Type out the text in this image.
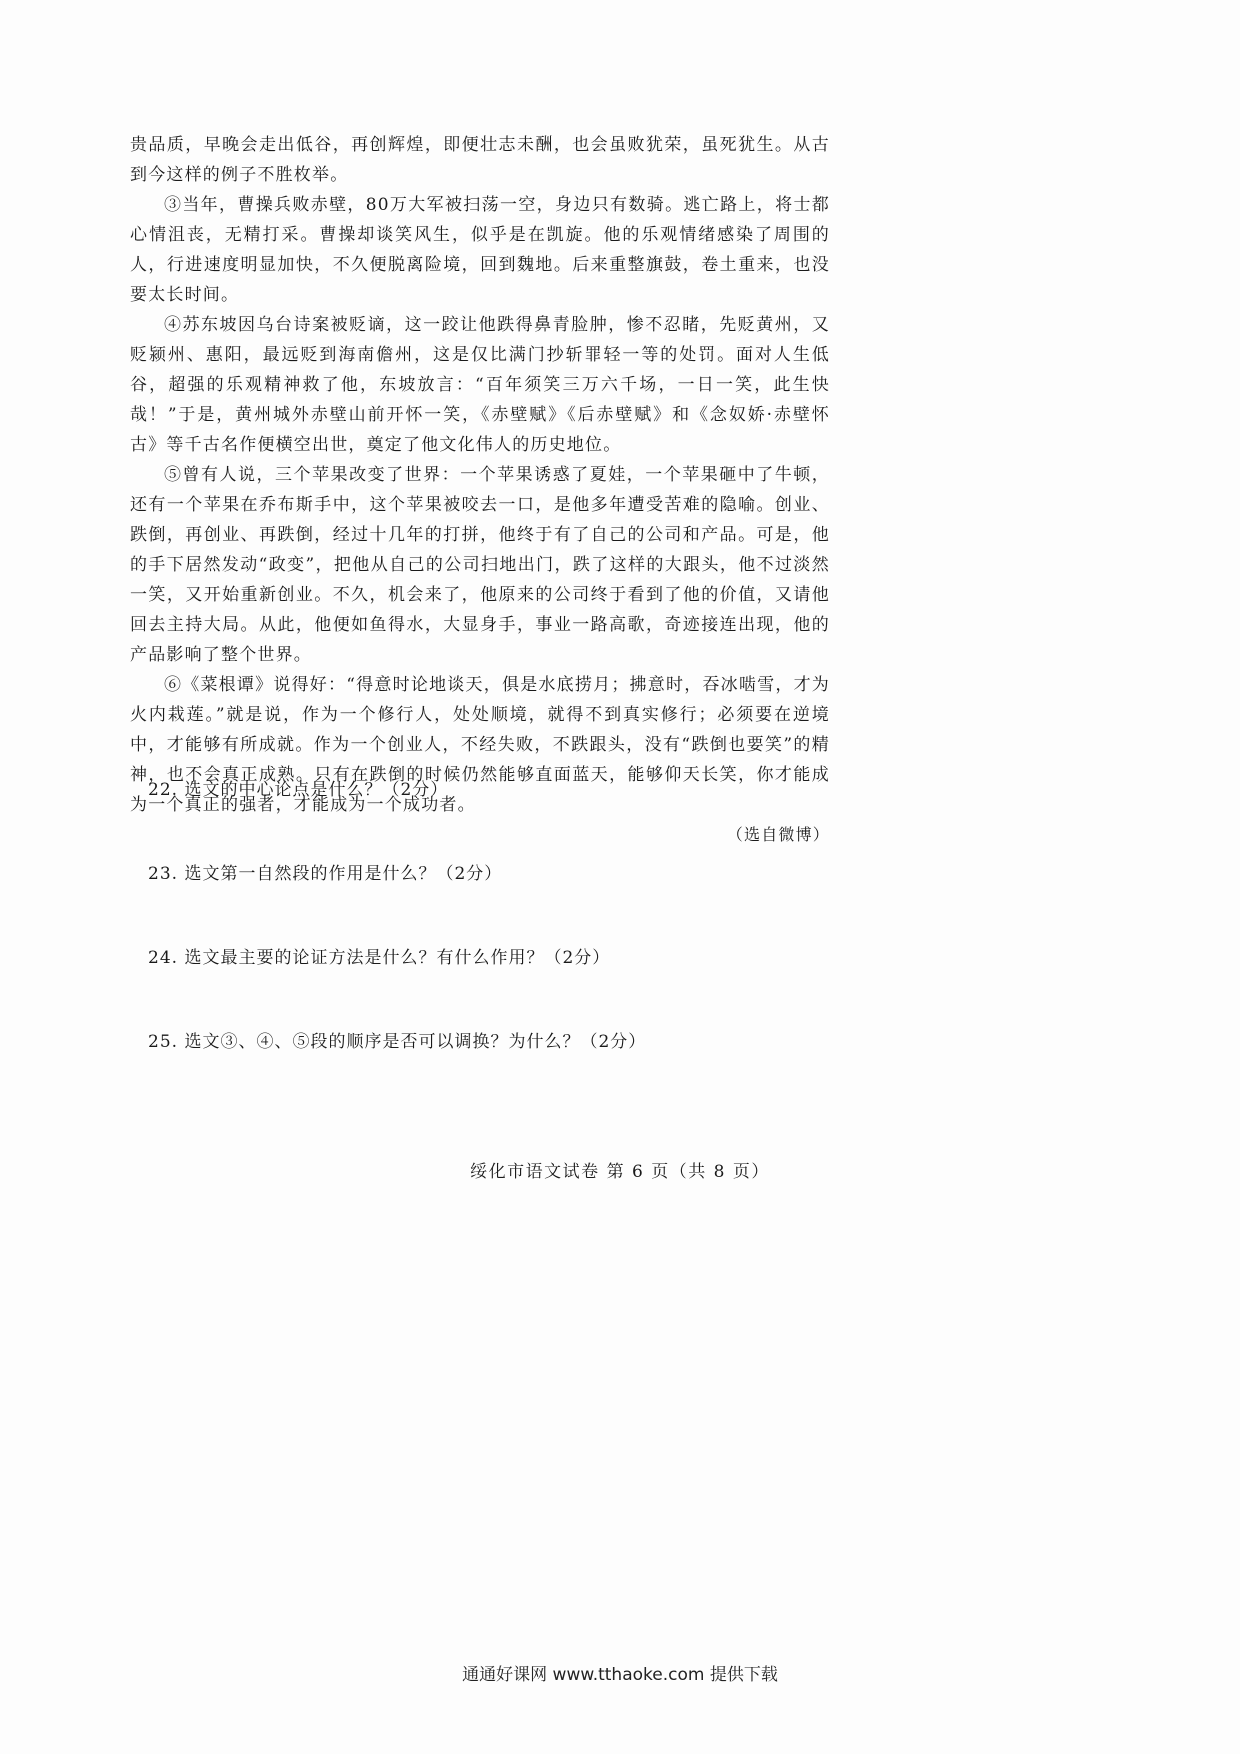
贵品质，早晚会走出低谷，再创辉煌，即便壮志未酬，也会虽败犹荣，虽死犹生。从古到今这样的例子不胜枚举。

③当年，曹操兵败赤壁，80万大军被扫荡一空，身边只有数骑。逃亡路上，将士都心情沮丧，无精打采。曹操却谈笑风生，似乎是在凯旋。他的乐观情绪感染了周围的人，行进速度明显加快，不久便脱离险境，回到魏地。后来重整旗鼓，卷土重来，也没要太长时间。

④苏东坡因乌台诗案被贬谪，这一跤让他跌得鼻青脸肿，惨不忍睹，先贬黄州，又贬颍州、惠阳，最远贬到海南儋州，这是仅比满门抄斩罪轻一等的处罚。面对人生低谷，超强的乐观精神救了他，东坡放言：“百年须笑三万六千场，一日一笑，此生快哉！”于是，黄州城外赤壁山前开怀一笑，《赤壁赋》《后赤壁赋》和《念奴娇·赤壁怀古》等千古名作便横空出世，奠定了他文化伟人的历史地位。

⑤曾有人说，三个苹果改变了世界：一个苹果诱惑了夏娃，一个苹果砸中了牛顿，还有一个苹果在乔布斯手中，这个苹果被咬去一口，是他多年遭受苦难的隐喻。创业、跌倒，再创业、再跌倒，经过十几年的打拼，他终于有了自己的公司和产品。可是，他的手下居然发动“政变”，把他从自己的公司扫地出门，跌了这样的大跟头，他不过淡然一笑，又开始重新创业。不久，机会来了，他原来的公司终于看到了他的价值，又请他回去主持大局。从此，他便如鱼得水，大显身手，事业一路高歌，奇迹接连出现，他的产品影响了整个世界。

⑥《菜根谭》说得好：“得意时论地谈天，俱是水底捞月；拂意时，吞冰啮雪，才为火内栽莲。”就是说，作为一个修行人，处处顺境，就得不到真实修行；必须要在逆境中，才能够有所成就。作为一个创业人，不经失败，不跌跟头，没有“跌倒也要笑”的精神，也不会真正成熟。只有在跌倒的时候仍然能够直面蓝天，能够仰天长笑，你才能成为一个真正的强者，才能成为一个成功者。

（选自微博）

22. 选文的中心论点是什么？（2分）

23. 选文第一自然段的作用是什么？（2分）

24. 选文最主要的论证方法是什么？有什么作用？（2分）

25. 选文③、④、⑤段的顺序是否可以调换？为什么？（2分）

绥化市语文试卷 第 6 页（共 8 页）
通通好课网 www.tthaoke.com 提供下载
